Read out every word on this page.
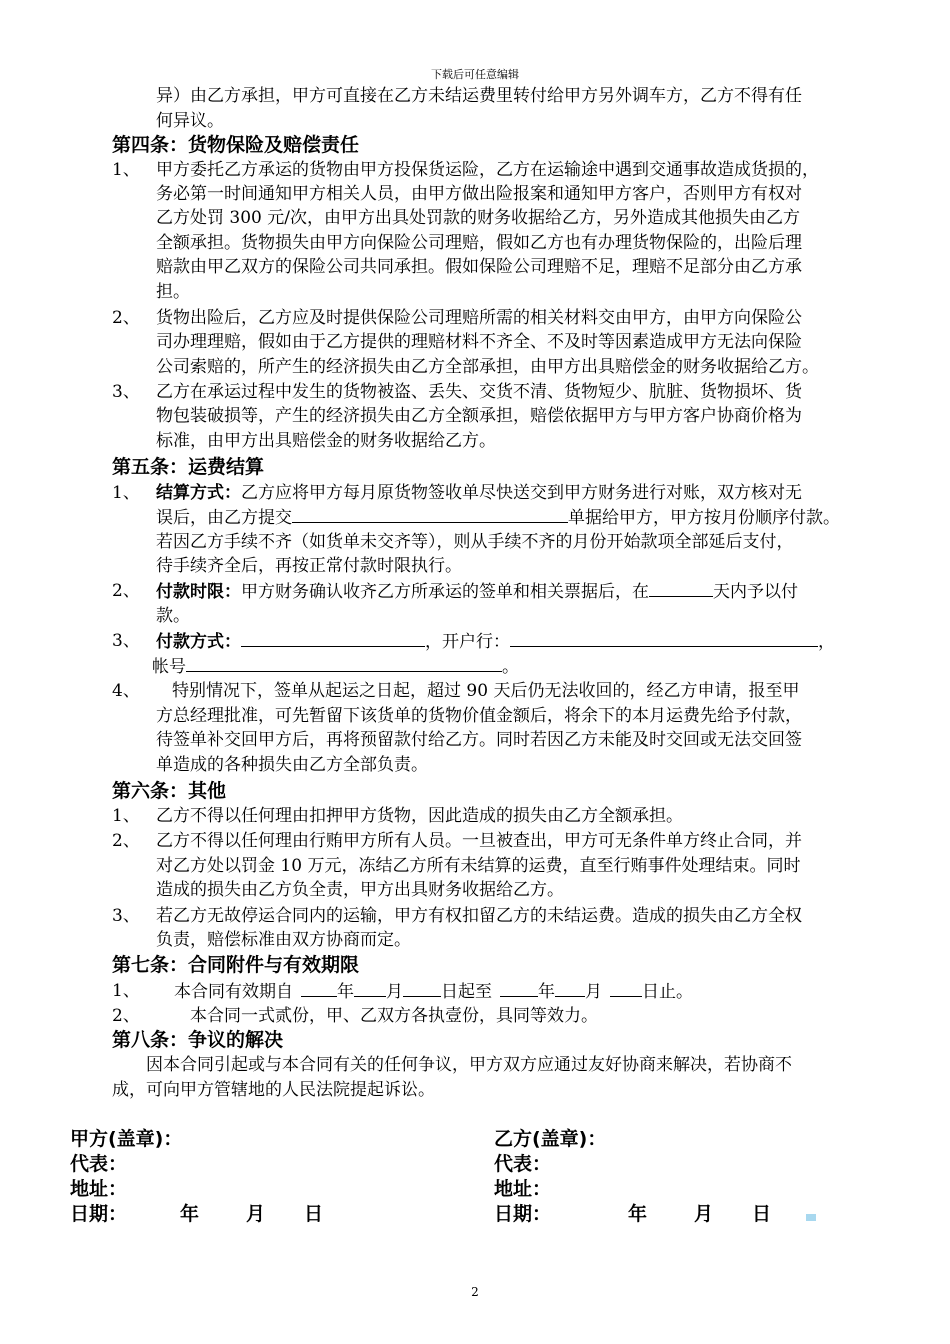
下载后可任意编辑
异）由乙方承担，甲方可直接在乙方未结运费里转付给甲方另外调车方，乙方不得有任
何异议。
第四条：货物保险及赔偿责任
1、 甲方委托乙方承运的货物由甲方投保货运险，乙方在运输途中遇到交通事故造成货损的，
务必第一时间通知甲方相关人员，由甲方做出险报案和通知甲方客户，否则甲方有权对
乙方处罚 300 元/次，由甲方出具处罚款的财务收据给乙方，另外造成其他损失由乙方
全额承担。货物损失由甲方向保险公司理赔，假如乙方也有办理货物保险的，出险后理
赔款由甲乙双方的保险公司共同承担。假如保险公司理赔不足，理赔不足部分由乙方承
担。
2、 货物出险后，乙方应及时提供保险公司理赔所需的相关材料交由甲方，由甲方向保险公
司办理理赔，假如由于乙方提供的理赔材料不齐全、不及时等因素造成甲方无法向保险
公司索赔的，所产生的经济损失由乙方全部承担，由甲方出具赔偿金的财务收据给乙方。
3、 乙方在承运过程中发生的货物被盗、丢失、交货不清、货物短少、肮脏、货物损坏、货
物包装破损等，产生的经济损失由乙方全额承担，赔偿依据甲方与甲方客户协商价格为
标准，由甲方出具赔偿金的财务收据给乙方。
第五条：运费结算
1、 结算方式：乙方应将甲方每月原货物签收单尽快送交到甲方财务进行对账，双方核对无
误后，由乙方提交	单据给甲方，甲方按月份顺序付款。
若因乙方手续不齐（如货单未交齐等），则从手续不齐的月份开始款项全部延后支付，
待手续齐全后，再按正常付款时限执行。
2、 付款时限：甲方财务确认收齐乙方所承运的签单和相关票据后，在	天内予以付
款。
3、 付款方式：	，开户行：	，
帐号	。
4、 特别情况下，签单从起运之日起，超过 90 天后仍无法收回的，经乙方申请，报至甲
方总经理批准，可先暂留下该货单的货物价值金额后，将余下的本月运费先给予付款，
待签单补交回甲方后，再将预留款付给乙方。同时若因乙方未能及时交回或无法交回签
单造成的各种损失由乙方全部负责。
第六条：其他
1、 乙方不得以任何理由扣押甲方货物，因此造成的损失由乙方全额承担。
2、 乙方不得以任何理由行贿甲方所有人员。一旦被查出，甲方可无条件单方终止合同，并
对乙方处以罚金 10 万元，冻结乙方所有未结算的运费，直至行贿事件处理结束。同时
造成的损失由乙方负全责，甲方出具财务收据给乙方。
3、 若乙方无故停运合同内的运输，甲方有权扣留乙方的未结运费。造成的损失由乙方全权
负责，赔偿标准由双方协商而定。
第七条：合同附件与有效期限
1、 本合同有效期自	年 月 日起至	年 月 日止。
2、	本合同一式贰份，甲、乙双方各执壹份，具同等效力。
第八条：争议的解决
因本合同引起或与本合同有关的任何争议，甲方双方应通过友好协商来解决，若协商不
成，可向甲方管辖地的人民法院提起诉讼。
甲方(盖章)：
代表：
地址：
日期：	年 月 日
乙方(盖章)：
代表：
地址：
日期：	年 月 日
2
